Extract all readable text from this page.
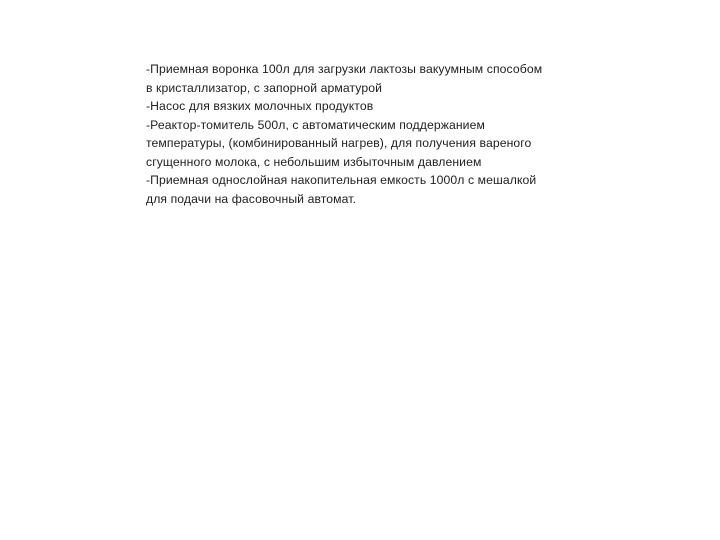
-Приемная воронка 100л для загрузки лактозы вакуумным способом
в кристаллизатор, с запорной арматурой
-Насос для вязких молочных продуктов
-Реактор-томитель 500л, с автоматическим поддержанием
температуры, (комбинированный нагрев), для получения вареного
сгущенного молока, с небольшим избыточным давлением
-Приемная однослойная накопительная емкость 1000л с мешалкой
для подачи на фасовочный автомат.
